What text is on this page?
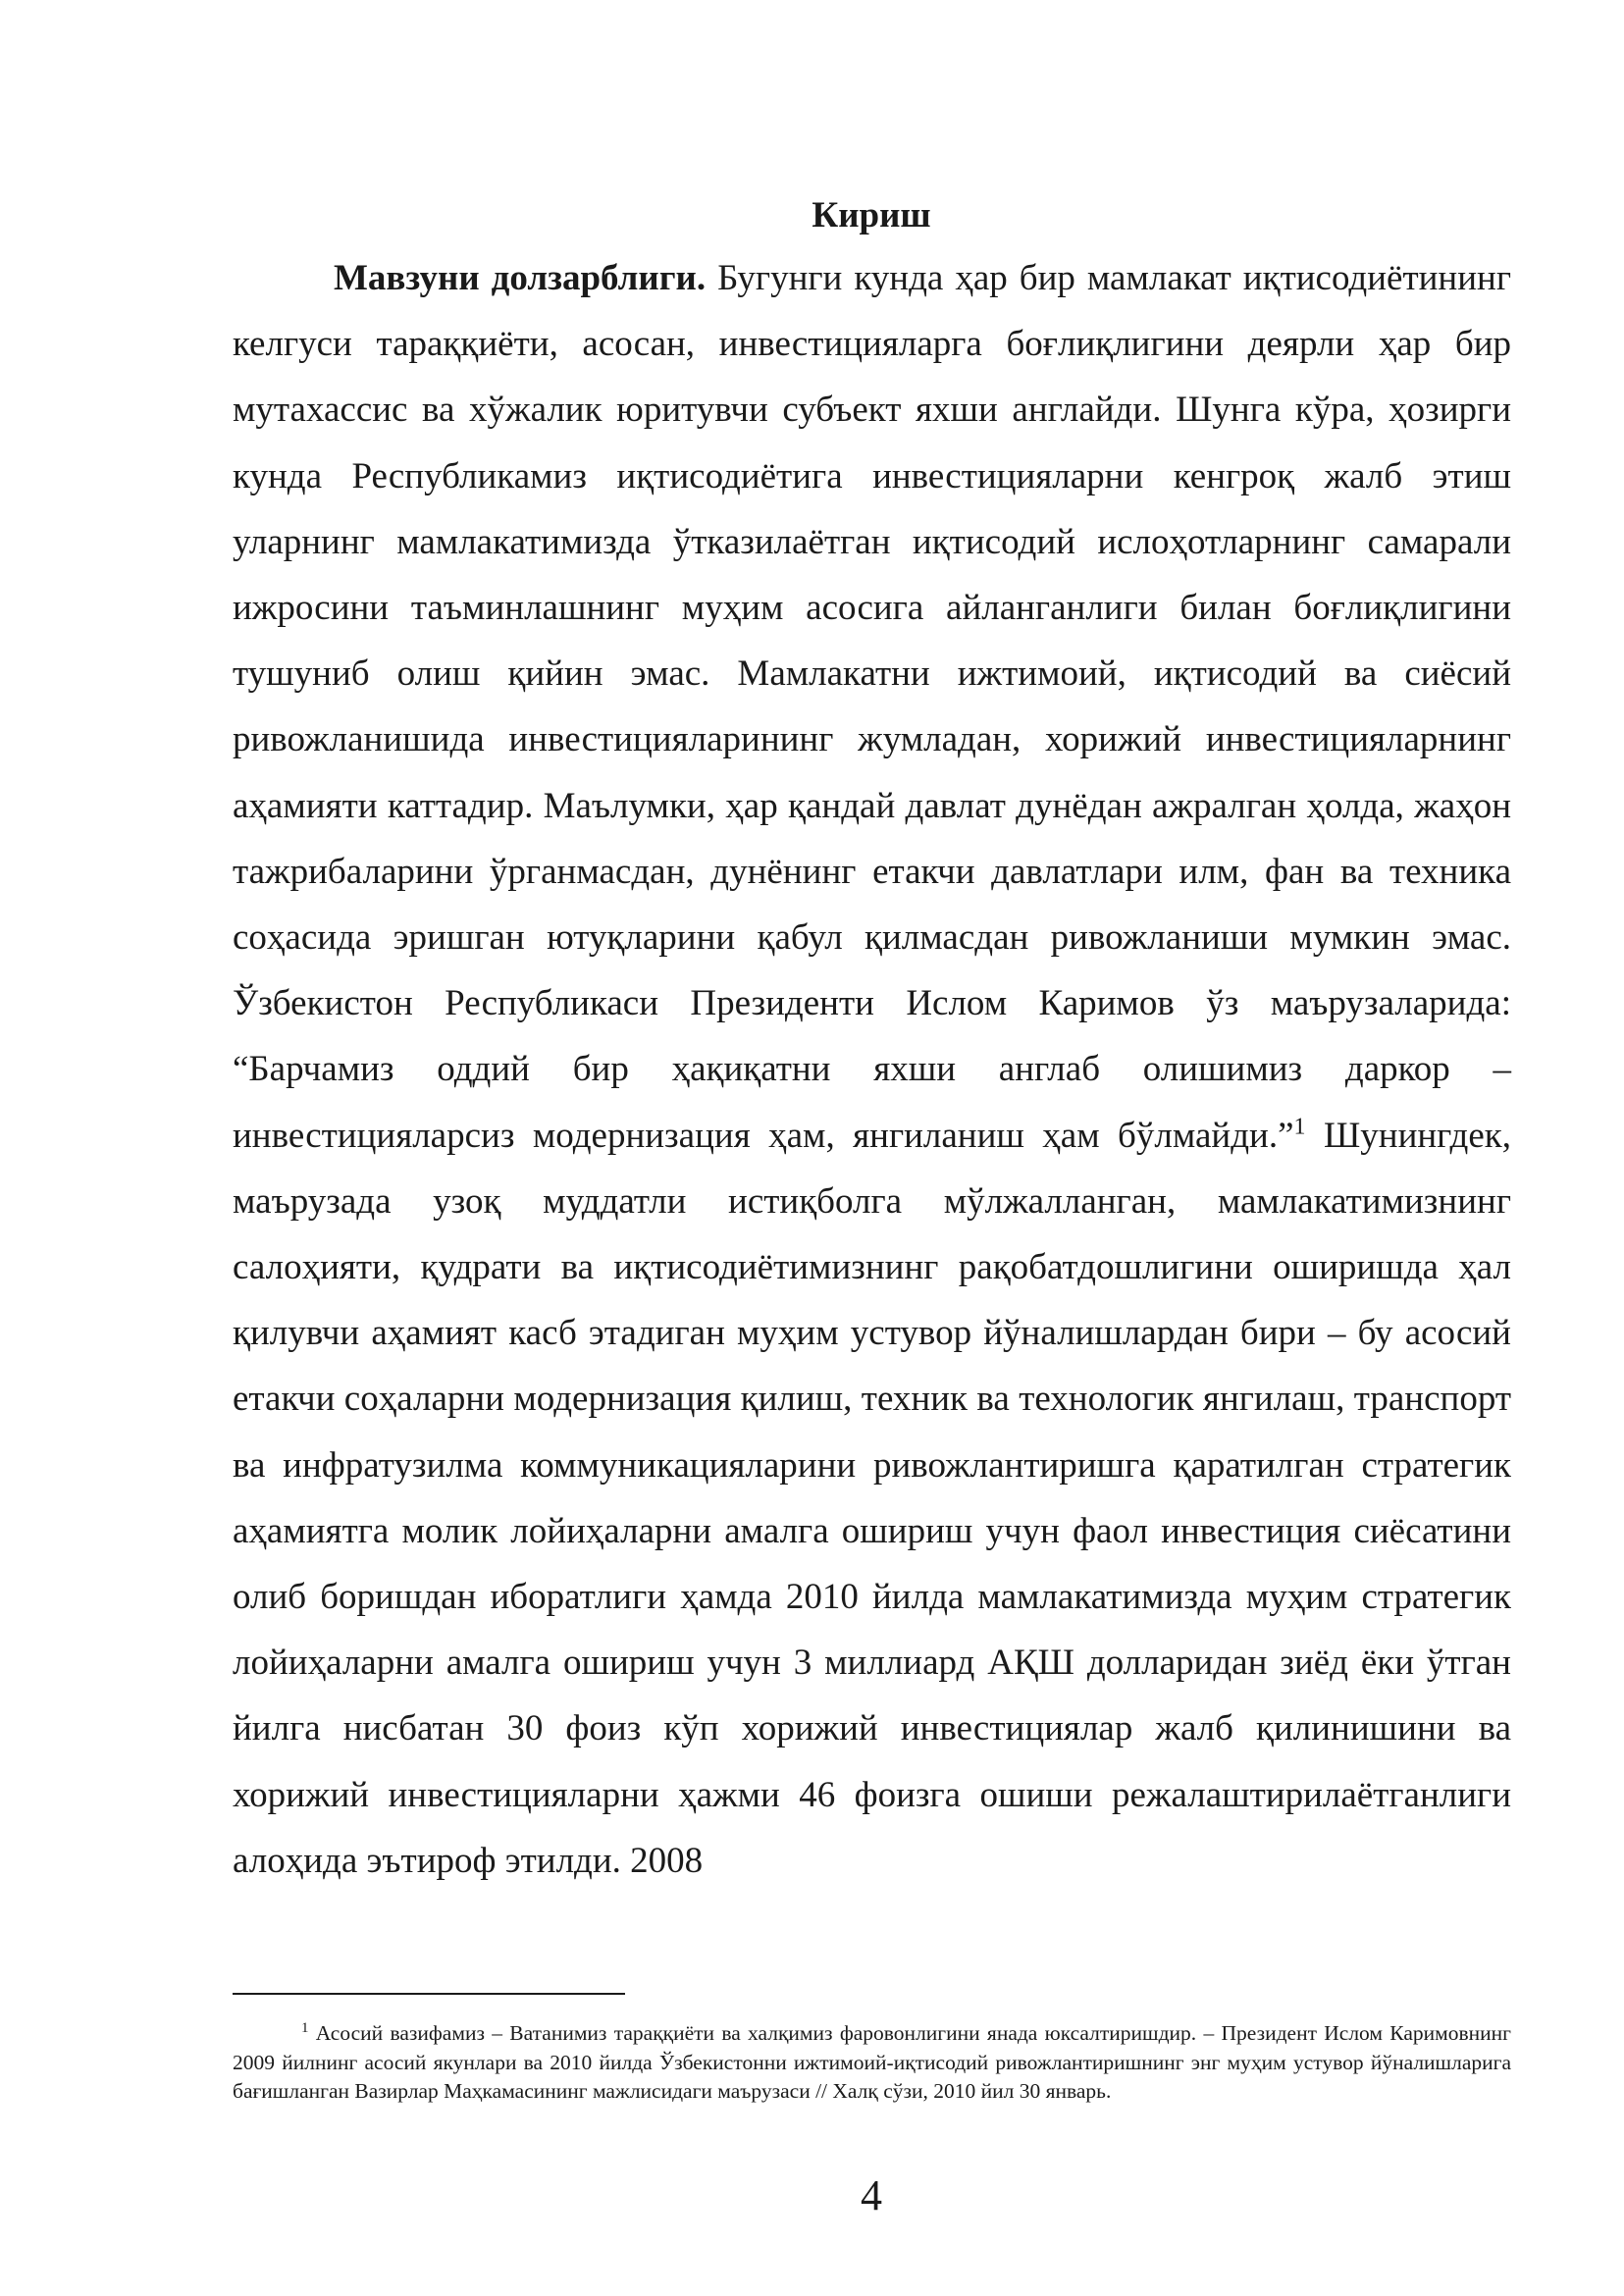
Кириш

Мавзуни долзарблиги. Бугунги кунда ҳар бир мамлакат иқтисодиётининг келгуси тараққиёти, асосан, инвестицияларга боғлиқлигини деярли ҳар бир мутахассис ва хўжалик юритувчи субъект яхши англайди. Шунга кўра, ҳозирги кунда Республикамиз иқтисодиётига инвестицияларни кенгроқ жалб этиш уларнинг мамлакатимизда ўтказилаётган иқтисодий ислоҳотларнинг самарали ижросини таъминлашнинг муҳим асосига айланганлиги билан боғлиқлигини тушуниб олиш қийин эмас. Мамлакатни ижтимоий, иқтисодий ва сиёсий ривожланишида инвестицияларининг жумладан, хорижий инвестицияларнинг аҳамияти каттадир. Маълумки, ҳар қандай давлат дунёдан ажралган ҳолда, жаҳон тажрибаларини ўрганмасдан, дунёнинг етакчи давлатлари илм, фан ва техника соҳасида эришган ютуқларини қабул қилмасдан ривожланиши мумкин эмас. Ўзбекистон Республикаси Президенти Ислом Каримов ўз маърузаларида: “Барчамиз оддий бир ҳақиқатни яхши англаб олишимиз даркор – инвестицияларсиз модернизация ҳам, янгиланиш ҳам бўлмайди.”$^1$ Шунингдек, маърузада узоқ муддатли истиқболга мўлжалланган, мамлакатимизнинг салоҳияти, қудрати ва иқтисодиётимизнинг рақобатдошлигини оширишда ҳал қилувчи аҳамият касб этадиган муҳим устувор йўналишлардан бири – бу асосий етакчи соҳаларни модернизация қилиш, техник ва технологик янгилаш, транспорт ва инфратузилма коммуникацияларини ривожлантиришга қаратилган стратегик аҳамиятга молик лойиҳаларни амалга ошириш учун фаол инвестиция сиёсатини олиб боришдан иборатлиги ҳамда 2010 йилда мамлакатимизда муҳим стратегик лойиҳаларни амалга ошириш учун 3 миллиард АҚШ долларидан зиёд ёки ўтган йилга нисбатан 30 фоиз кўп хорижий инвестициялар жалб қилинишини ва хорижий инвестицияларни ҳажми 46 фоизга ошиши режалаштирилаётганлиги алоҳида эътироф этилди. 2008

$^1$ Асосий вазифамиз – Ватанимиз тараққиёти ва халқимиз фаровонлигини янада юксалтиришдир. – Президент Ислом Каримовнинг 2009 йилнинг асосий якунлари ва 2010 йилда Ўзбекистонни ижтимоий-иқтисодий ривожлантиришнинг энг муҳим устувор йўналишларига бағишланган Вазирлар Маҳкамасининг мажлисидаги маърузаси // Халқ сўзи, 2010 йил 30 январь.

4
